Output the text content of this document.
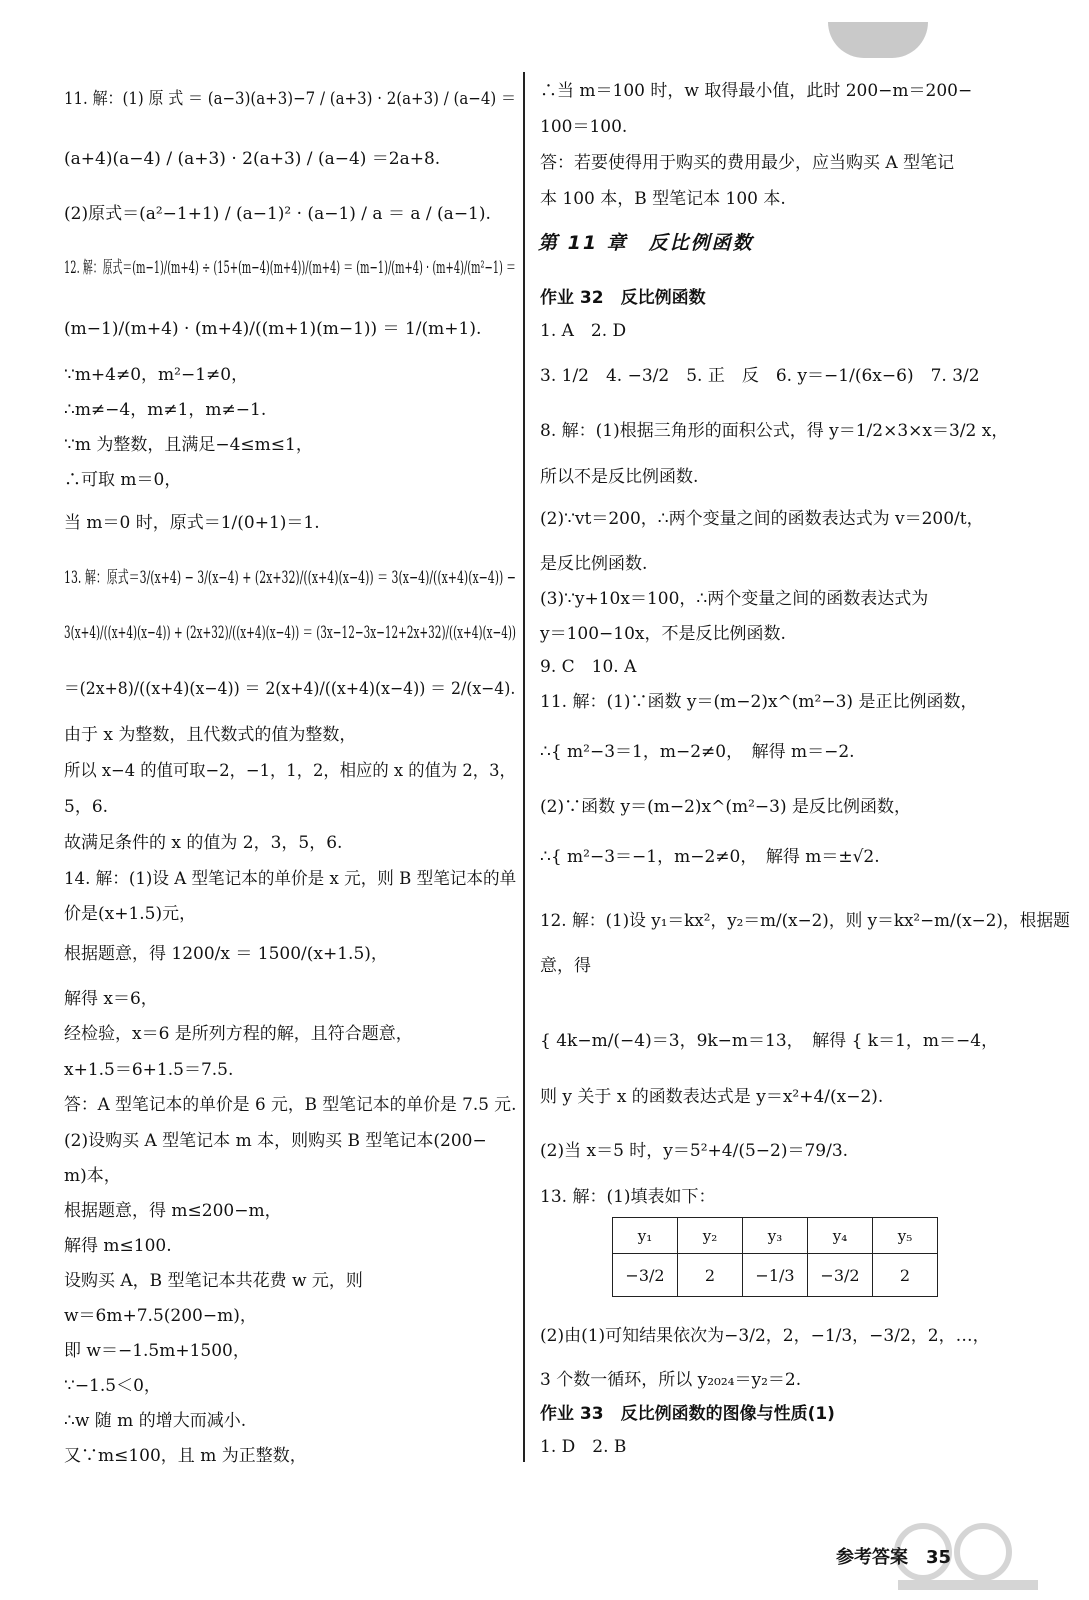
11. 解：(1) 原 式 ＝ (a−3)(a+3)−7 / (a+3) · 2(a+3) / (a−4) ＝
(a+4)(a−4) / (a+3) · 2(a+3) / (a−4) ＝2a+8.
(2)原式＝(a²−1+1) / (a−1)² · (a−1) / a ＝ a / (a−1).
12. 解：原式＝(m−1)/(m+4) ÷ (15+(m−4)(m+4))/(m+4) ＝ (m−1)/(m+4) · (m+4)/(m²−1) ＝
(m−1)/(m+4) · (m+4)/((m+1)(m−1)) ＝ 1/(m+1).
∵m+4≠0，m²−1≠0，
∴m≠−4，m≠1，m≠−1.
∵m 为整数，且满足−4≤m≤1，
∴可取 m＝0，
当 m＝0 时，原式＝1/(0+1)＝1.
13. 解：原式＝3/(x+4) − 3/(x−4) + (2x+32)/((x+4)(x−4)) ＝ 3(x−4)/((x+4)(x−4)) −
3(x+4)/((x+4)(x−4)) + (2x+32)/((x+4)(x−4)) ＝ (3x−12−3x−12+2x+32)/((x+4)(x−4))
＝(2x+8)/((x+4)(x−4)) ＝ 2(x+4)/((x+4)(x−4)) ＝ 2/(x−4).
由于 x 为整数，且代数式的值为整数，
所以 x−4 的值可取−2，−1，1，2，相应的 x 的值为 2，3，
5，6.
故满足条件的 x 的值为 2，3，5，6.
14. 解：(1)设 A 型笔记本的单价是 x 元，则 B 型笔记本的单
价是(x+1.5)元，
根据题意，得 1200/x ＝ 1500/(x+1.5)，
解得 x＝6，
经检验，x＝6 是所列方程的解，且符合题意，
x+1.5＝6+1.5＝7.5.
答：A 型笔记本的单价是 6 元，B 型笔记本的单价是 7.5 元.
(2)设购买 A 型笔记本 m 本，则购买 B 型笔记本(200−
m)本，
根据题意，得 m≤200−m，
解得 m≤100.
设购买 A，B 型笔记本共花费 w 元，则
w＝6m+7.5(200−m)，
即 w＝−1.5m+1500，
∵−1.5＜0，
∴w 随 m 的增大而减小.
又∵m≤100，且 m 为正整数，
∴当 m＝100 时，w 取得最小值，此时 200−m＝200−
100＝100.
答：若要使得用于购买的费用最少，应当购买 A 型笔记
本 100 本，B 型笔记本 100 本.
作业 32　反比例函数
1. A　2. D
3. 1/2　4. −3/2　5. 正　反　6. y＝−1/(6x−6)　7. 3/2
8. 解：(1)根据三角形的面积公式，得 y＝1/2×3×x＝3/2 x，
所以不是反比例函数.
(2)∵vt＝200，∴两个变量之间的函数表达式为 v＝200/t，
是反比例函数.
(3)∵y+10x＝100，∴两个变量之间的函数表达式为
y＝100−10x，不是反比例函数.
9. C　10. A
11. 解：(1)∵函数 y＝(m−2)x^(m²−3) 是正比例函数，
∴{ m²−3＝1，m−2≠0，　解得 m＝−2.
(2)∵函数 y＝(m−2)x^(m²−3) 是反比例函数，
∴{ m²−3＝−1，m−2≠0，　解得 m＝±√2.
12. 解：(1)设 y₁＝kx²，y₂＝m/(x−2)，则 y＝kx²−m/(x−2)，根据题
意，得
{ 4k−m/(−4)＝3，9k−m＝13，　解得 { k＝1，m＝−4，
则 y 关于 x 的函数表达式是 y＝x²+4/(x−2).
(2)当 x＝5 时，y＝5²+4/(5−2)＝79/3.
13. 解：(1)填表如下：
(2)由(1)可知结果依次为−3/2，2，−1/3，−3/2，2，…，
3 个数一循环，所以 y₂₀₂₄＝y₂＝2.
作业 33　反比例函数的图像与性质(1)
1. D　2. B
第 11 章　反比例函数
y₁	y₂	y₃	y₄	y₅
−3/2	2	−1/3	−3/2	2
参考答案　35
